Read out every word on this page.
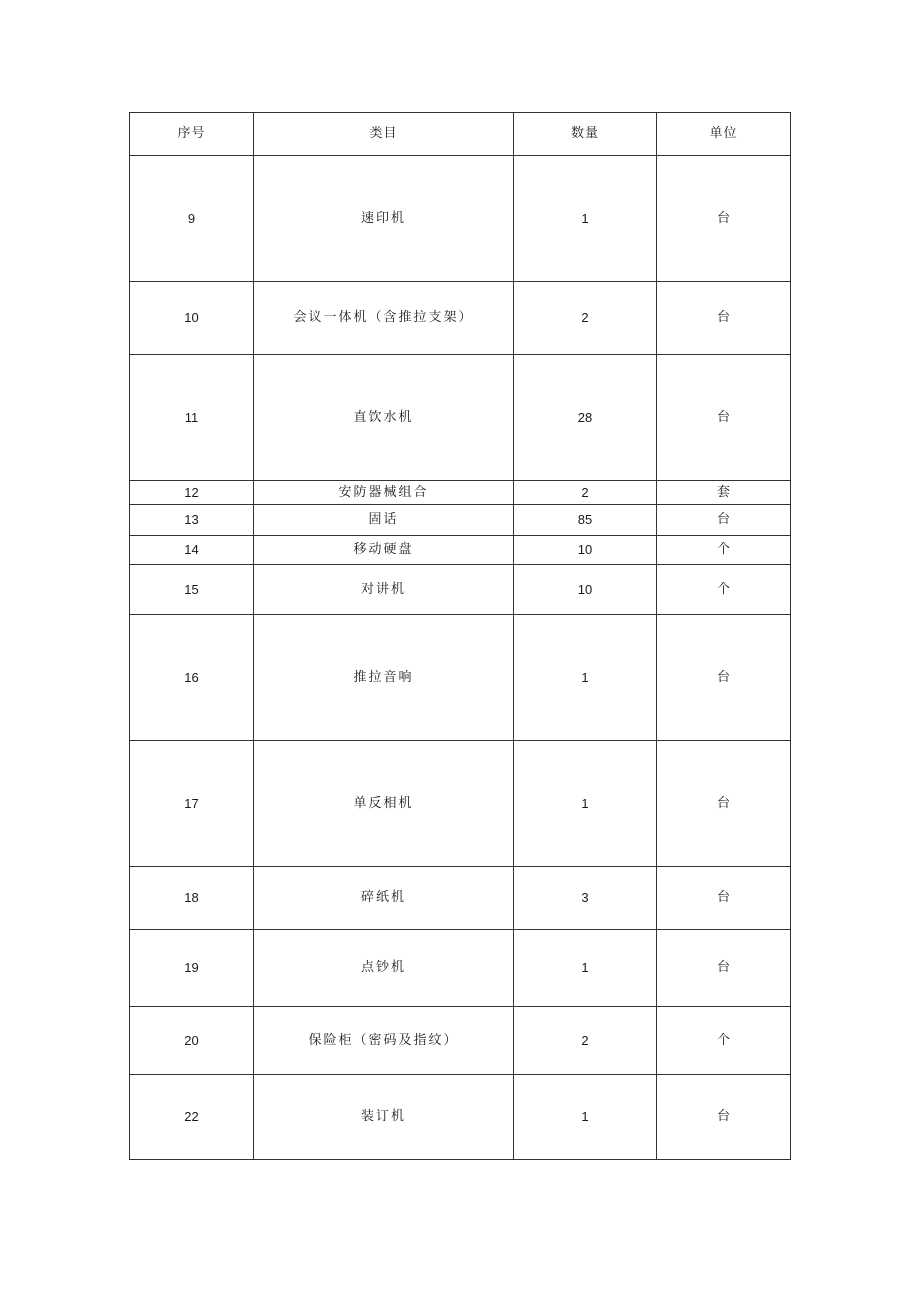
序号	类目	数量	单位
9	速印机	1	台
10	会议一体机（含推拉支架）	2	台
11	直饮水机	28	台
12	安防器械组合	2	套
13	固话	85	台
14	移动硬盘	10	个
15	对讲机	10	个
16	推拉音响	1	台
17	单反相机	1	台
18	碎纸机	3	台
19	点钞机	1	台
20	保险柜（密码及指纹）	2	个
22	装订机	1	台
